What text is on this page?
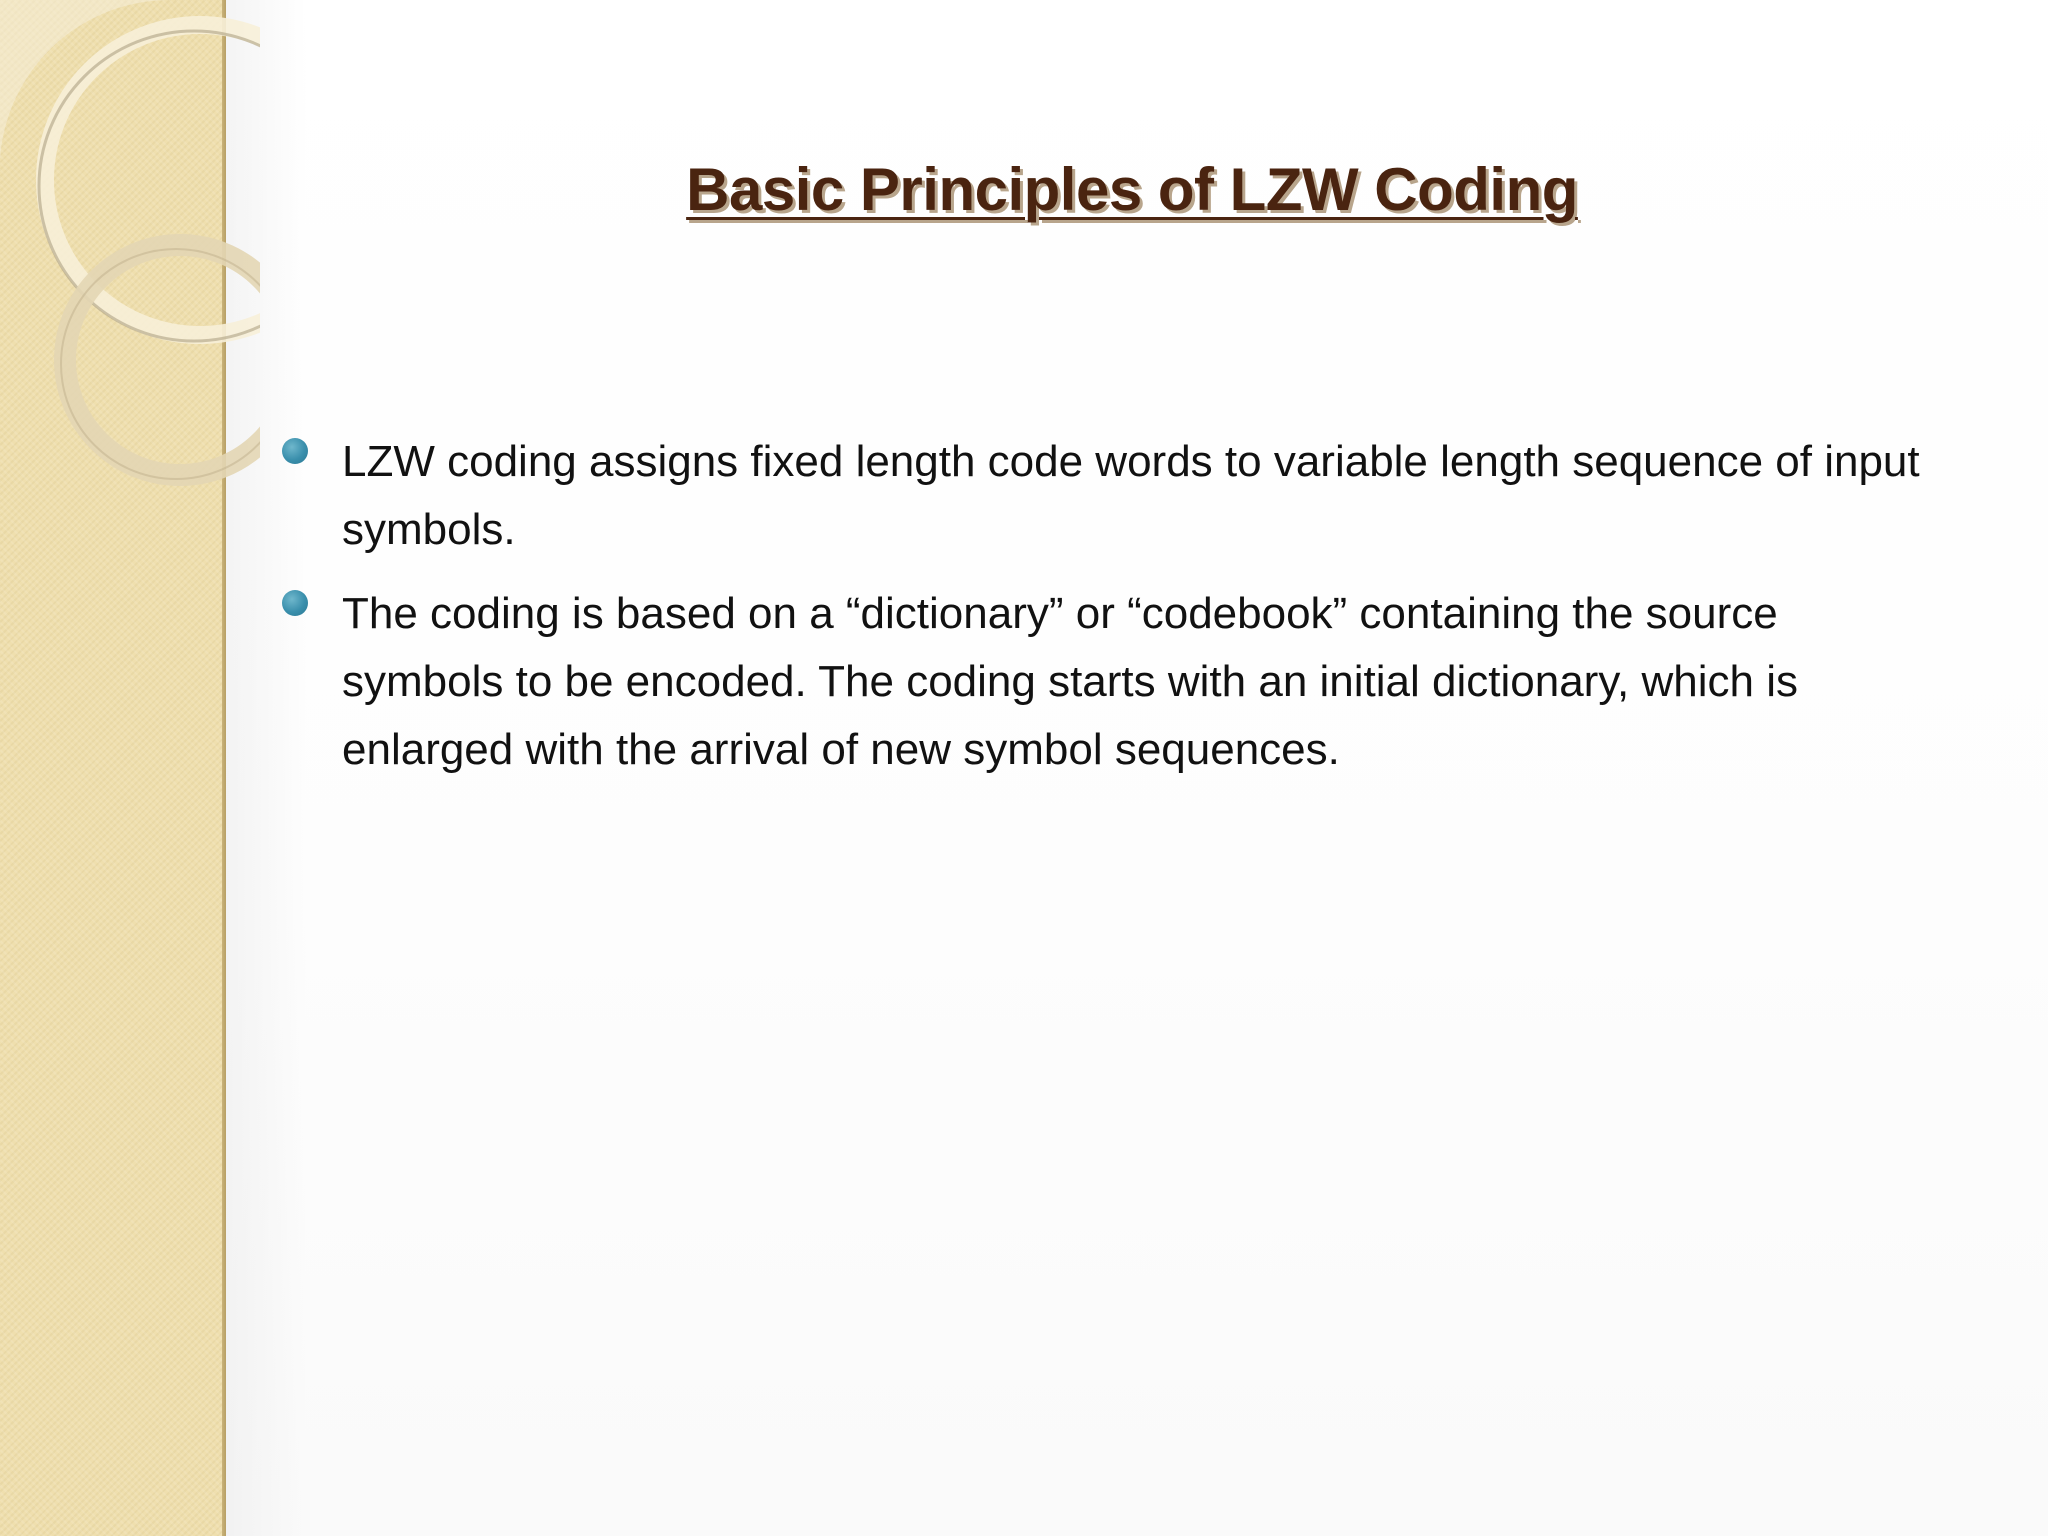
Basic Principles of LZW Coding
LZW coding assigns fixed length code words to variable length sequence of input symbols.
The coding is based on a “dictionary” or “codebook” containing the source symbols to be encoded. The coding starts with an initial dictionary, which is enlarged with the arrival of new symbol sequences.
